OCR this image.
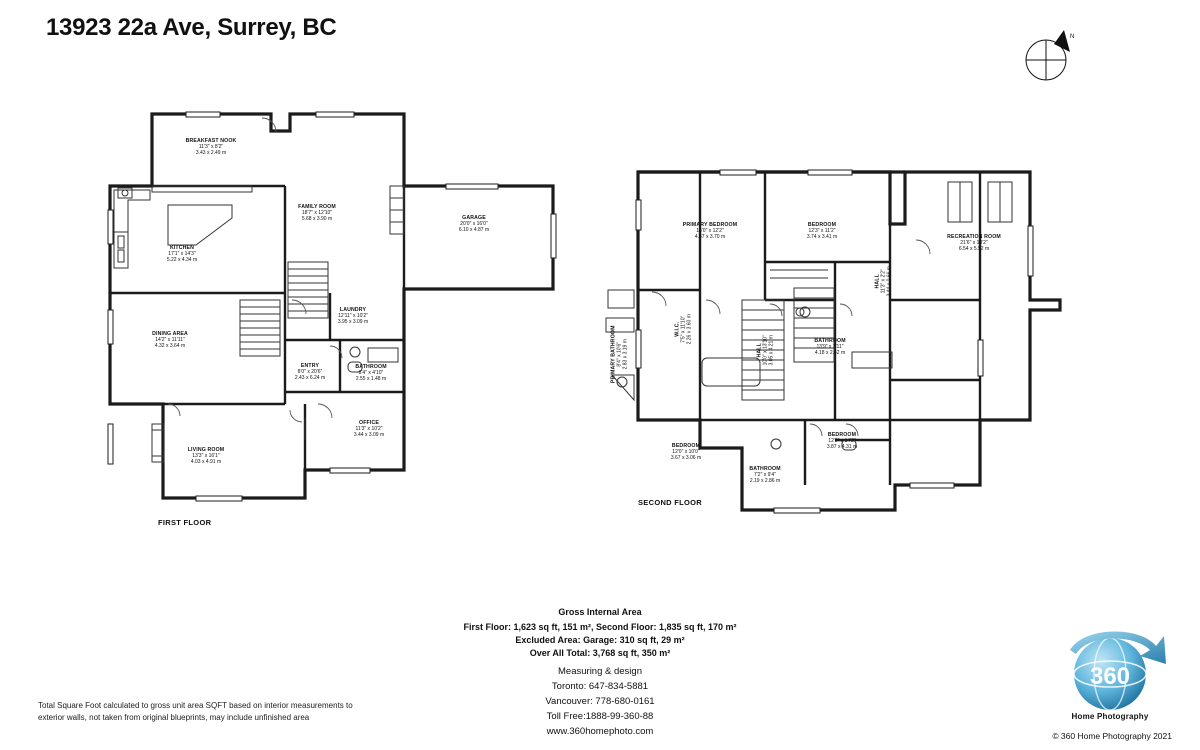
13923 22a Ave, Surrey, BC	N
FIRST FLOOR
BREAKFAST NOOK
11'3" x 8'2"
3.43 x 2.49 m
FAMILY ROOM
18'7" x 12'10"
5.68 x 3.90 m	GARAGE
20'0" x 16'0"
6.10 x 4.87 m
KITCHEN
17'1" x 14'3"
5.22 x 4.34 m
DINING AREA
14'2" x 11'11"
4.32 x 3.64 m
LAUNDRY
12'11" x 10'2"
3.95 x 3.09 m
ENTRY
8'0" x 20'6"
2.43 x 6.24 m
BATHROOM
8'4" x 4'10"
2.55 x 1.48 m
OFFICE
11'3" x 10'2"
3.44 x 3.09 m
LIVING ROOM
13'3" x 16'1"
4.03 x 4.91 m
SECOND FLOOR
PRIMARY BEDROOM
16'0" x 12'2"
4.87 x 3.70 m
BEDROOM
12'3" x 11'2"
3.74 x 3.41 m	RECREATION ROOM
21'6" x 18'2"
6.54 x 5.52 m
BATHROOM
13'9" x 7'11"
4.18 x 2.42 m
BEDROOM
12'0" x 10'0"
3.67 x 3.06 m
BEDROOM
12'8" x 14'2"
3.87 x 4.31 m
BATHROOM
7'2" x 9'4"
2.19 x 2.86 m
PRIMARY BATHROOM 8'4" x 10'6" 2.83 x 3.19 m
W.I.C. 7'5" x 11'10" 2.26 x 3.60 m
HALL 10'0" x 13'10" 3.05 x 4.21 m
HALL 11'3" x 2'2" 3.44 x 0.66 m
Gross Internal Area
First Floor: 1,623 sq ft, 151 m², Second Floor: 1,835 sq ft, 170 m²
Excluded Area: Garage: 310 sq ft, 29 m²
Over All Total: 3,768 sq ft, 350 m²
Measuring & design
Toronto: 647-834-5881
Vancouver: 778-680-0161
Toll Free:1888-99-360-88
www.360homephoto.com
Total Square Foot calculated to gross unit area SQFT based on interior measurements to exterior walls, not taken from original blueprints, may include unfinished area
© 360 Home Photography 2021
360
Home Photography
